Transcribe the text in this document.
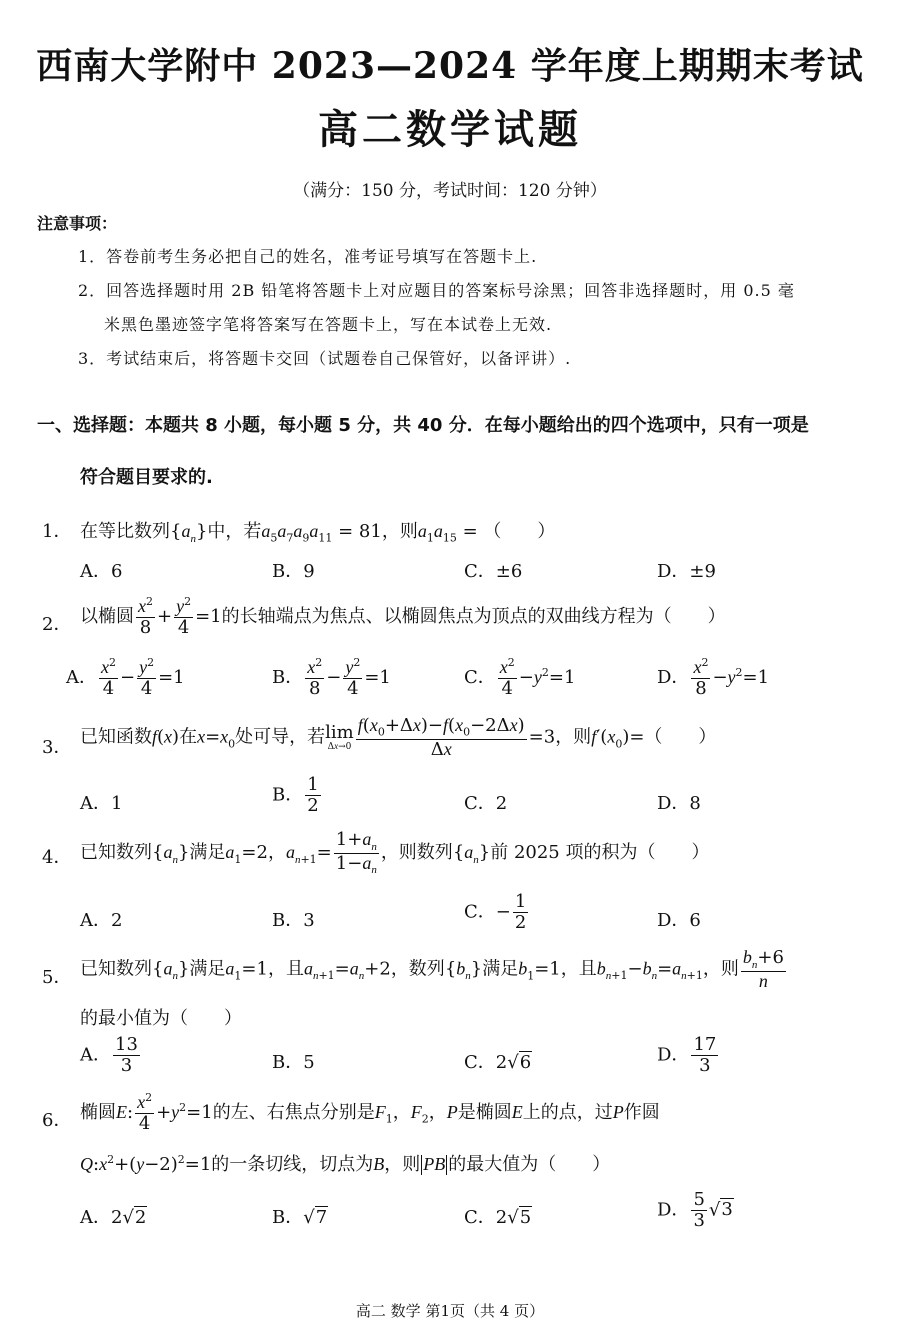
西南大学附中 2023—2024 学年度上期期末考试
高二数学试题
（满分：150 分，考试时间：120 分钟）
注意事项：
1．答卷前考生务必把自己的姓名，准考证号填写在答题卡上.
2．回答选择题时用 2B 铅笔将答题卡上对应题目的答案标号涂黑；回答非选择题时，用 0.5 毫
米黑色墨迹签字笔将答案写在答题卡上，写在本试卷上无效.
3．考试结束后，将答题卡交回（试题卷自己保管好，以备评讲）.
一、选择题：本题共 8 小题，每小题 5 分，共 40 分．在每小题给出的四个选项中，只有一项是
符合题目要求的.
1． 在等比数列$\{a_n\}$中，若$a_5a_7a_9a_{11} = 81$，则$a_1a_{15}$ = （　　）
A．6	B．9	C．±6	D．±9
2． 以椭圆 $\frac{x^2}{8} + \frac{y^2}{4} =1$的长轴端点为焦点、以椭圆焦点为顶点的双曲线方程为（　　）
A． $\frac{x^2}{4} - \frac{y^2}{4} =1$	B． $\frac{x^2}{8} - \frac{y^2}{4} =1$	C． $\frac{x^2}{4} -y^2=1$	D． $\frac{x^2}{8} -y^2=1$
3． 已知函数f(x)在$x=x_0$处可导，若 lim
$\Delta x\to 0 \frac{f(x_0+\Delta x)-f(x_0-2\Delta x)}{\Delta x} =3$，则$f'(x_0)=$（　　）
A．1	B． $\frac{1}{2}$	C．2	D．8
4． 已知数列$\{a_n\}$满足$a_1=2$，$a_{n+1}= \frac{1+a_n}{1-a_n}$ ，则数列$\{a_n\}$前 2025 项的积为（　　）
A．2	B．3	C．− $\frac{1}{2}$	D．6
5． 已知数列$\{a_n\}$满足$a_1=1$，且$a_{n+1}=a_n+2$，数列$\{b_n\}$满足$b_1=1$，且$b_{n+1}-b_n=a_{n+1}$，则 $\frac{b_n+6}{n}$
的最小值为（　　）
A． $\frac{13}{3}$	B．5	C．2√6	D． $\frac{17}{3}$
6． 椭圆E: $\frac{x^2}{4} +y^2=1$的左、右焦点分别是$F_1$，$F_2$，P是椭圆E上的点，过P作圆
$Q:x^2+(y-2)^2=1$的一条切线，切点为B，则 PB 的最大值为（　　）
A．2√2	B．√7	C．2√5	D． $\frac{5}{3} √3$
高二 数学 第1页（共 4 页）
